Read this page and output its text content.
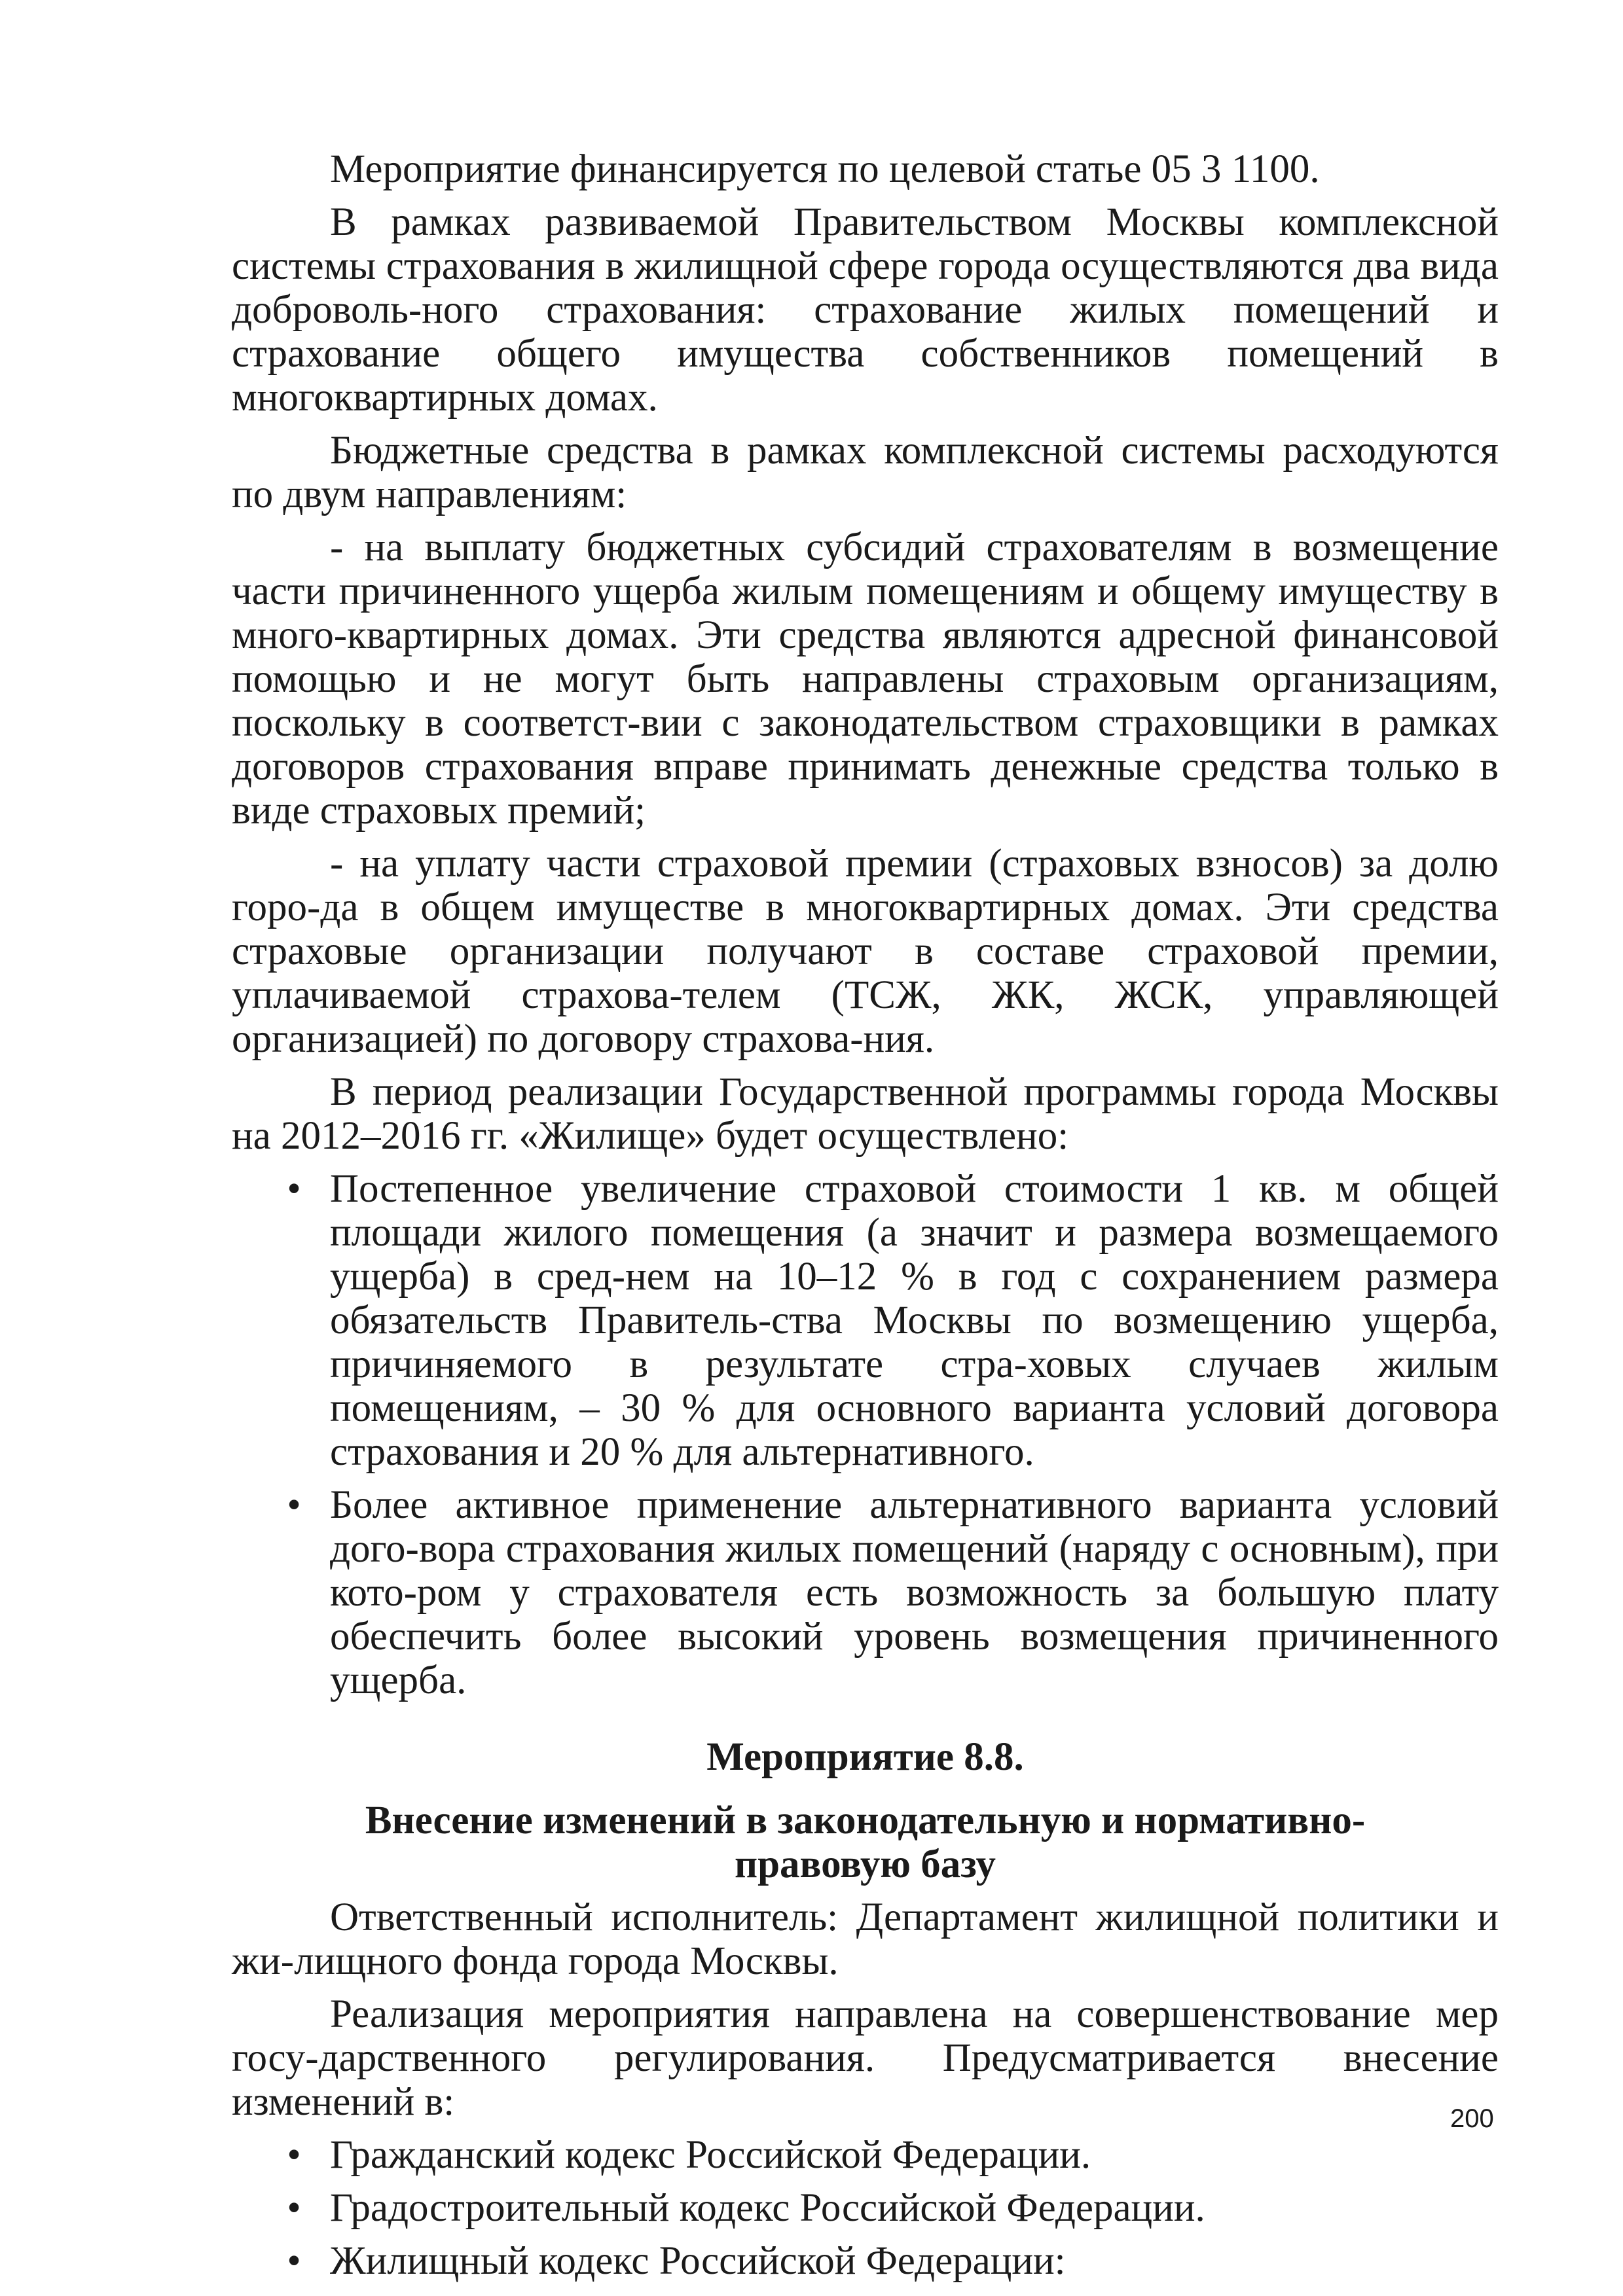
Мероприятие финансируется по целевой статье 05 3 1100.

В рамках развиваемой Правительством Москвы комплексной системы страхования в жилищной сфере города осуществляются два вида доброволь-ного страхования: страхование жилых помещений и страхование общего имущества собственников помещений в многоквартирных домах.

Бюджетные средства в рамках комплексной системы расходуются по двум направлениям:

- на выплату бюджетных субсидий страхователям в возмещение части причиненного ущерба жилым помещениям и общему имуществу в много-квартирных домах. Эти средства являются адресной финансовой помощью и не могут быть направлены страховым организациям, поскольку в соответст-вии с законодательством страховщики в рамках договоров страхования вправе принимать денежные средства только в виде страховых премий;

- на уплату части страховой премии (страховых взносов) за долю горо-да в общем имуществе в многоквартирных домах. Эти средства страховые организации получают в составе страховой премии, уплачиваемой страхова-телем (ТСЖ, ЖК, ЖСК, управляющей организацией) по договору страхова-ния.

В период реализации Государственной программы города Москвы на 2012–2016 гг. «Жилище» будет осуществлено:

• Постепенное увеличение страховой стоимости 1 кв. м общей площади жилого помещения (а значит и размера возмещаемого ущерба) в сред-нем на 10–12 % в год с сохранением размера обязательств Правитель-ства Москвы по возмещению ущерба, причиняемого в результате стра-ховых случаев жилым помещениям, – 30 % для основного варианта условий договора страхования и 20 % для альтернативного.
• Более активное применение альтернативного варианта условий дого-вора страхования жилых помещений (наряду с основным), при кото-ром у страхователя есть возможность за большую плату обеспечить более высокий уровень возмещения причиненного ущерба.

Мероприятие 8.8.

Внесение изменений в законодательную и нормативно-
правовую базу

Ответственный исполнитель: Департамент жилищной политики и жи-лищного фонда города Москвы.

Реализация мероприятия направлена на совершенствование мер госу-дарственного регулирования. Предусматривается внесение изменений в:

• Гражданский кодекс Российской Федерации.
• Градостроительный кодекс Российской Федерации.
• Жилищный кодекс Российской Федерации:
200
